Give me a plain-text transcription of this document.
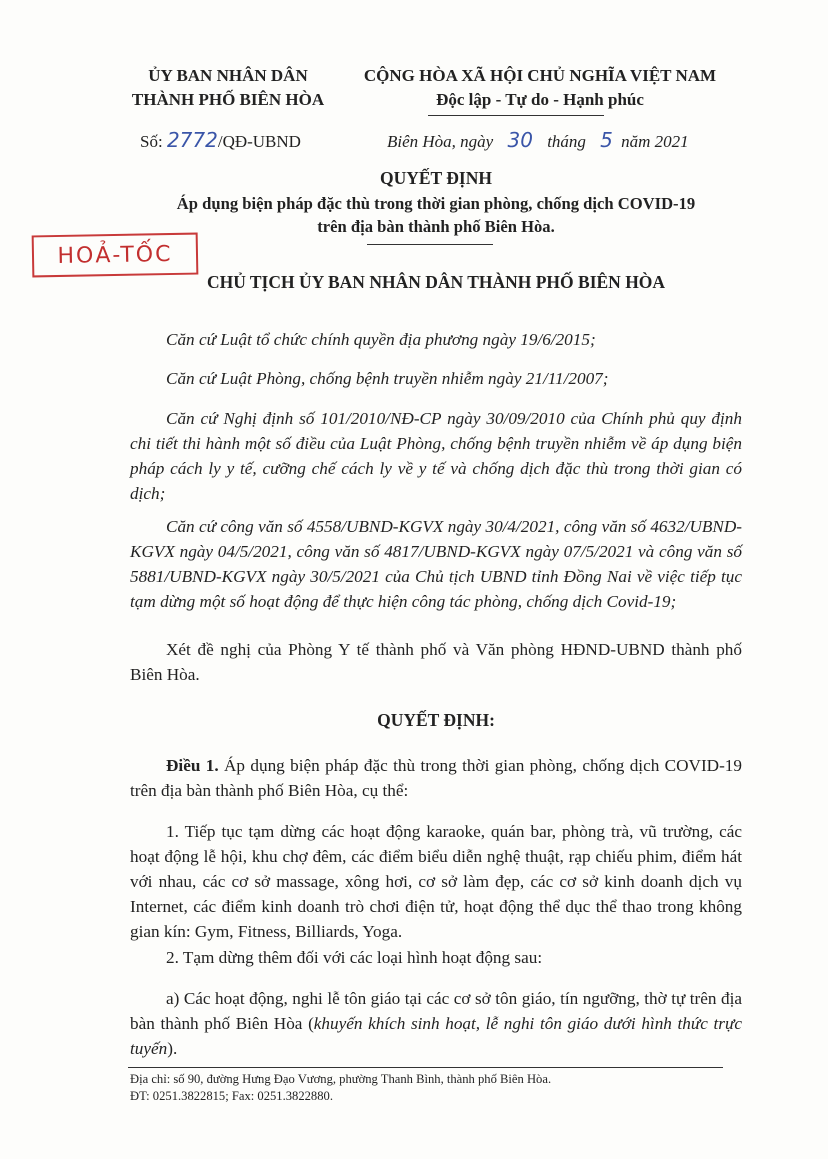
ỦY BAN NHÂN DÂN
THÀNH PHỐ BIÊN HÒA
CỘNG HÒA XÃ HỘI CHỦ NGHĨA VIỆT NAM
Độc lập - Tự do - Hạnh phúc
Số: 2772/QĐ-UBND	Biên Hòa, ngày 30 tháng 5 năm 2021
QUYẾT ĐỊNH
Áp dụng biện pháp đặc thù trong thời gian phòng, chống dịch COVID-19
trên địa bàn thành phố Biên Hòa.
HOẢ-TỐC
CHỦ TỊCH ỦY BAN NHÂN DÂN THÀNH PHỐ BIÊN HÒA
Căn cứ Luật tổ chức chính quyền địa phương ngày 19/6/2015;
Căn cứ Luật Phòng, chống bệnh truyền nhiễm ngày 21/11/2007;
Căn cứ Nghị định số 101/2010/NĐ-CP ngày 30/09/2010 của Chính phủ quy định chi tiết thi hành một số điều của Luật Phòng, chống bệnh truyền nhiễm về áp dụng biện pháp cách ly y tế, cưỡng chế cách ly về y tế và chống dịch đặc thù trong thời gian có dịch;
Căn cứ công văn số 4558/UBND-KGVX ngày 30/4/2021, công văn số 4632/UBND-KGVX ngày 04/5/2021, công văn số 4817/UBND-KGVX ngày 07/5/2021 và công văn số 5881/UBND-KGVX ngày 30/5/2021 của Chủ tịch UBND tỉnh Đồng Nai về việc tiếp tục tạm dừng một số hoạt động để thực hiện công tác phòng, chống dịch Covid-19;
Xét đề nghị của Phòng Y tế thành phố và Văn phòng HĐND-UBND thành phố Biên Hòa.
QUYẾT ĐỊNH:
Điều 1. Áp dụng biện pháp đặc thù trong thời gian phòng, chống dịch COVID-19 trên địa bàn thành phố Biên Hòa, cụ thể:
1. Tiếp tục tạm dừng các hoạt động karaoke, quán bar, phòng trà, vũ trường, các hoạt động lễ hội, khu chợ đêm, các điểm biểu diễn nghệ thuật, rạp chiếu phim, điểm hát với nhau, các cơ sở massage, xông hơi, cơ sở làm đẹp, các cơ sở kinh doanh dịch vụ Internet, các điểm kinh doanh trò chơi điện tử, hoạt động thể dục thể thao trong không gian kín: Gym, Fitness, Billiards, Yoga.
2. Tạm dừng thêm đối với các loại hình hoạt động sau:
a) Các hoạt động, nghi lễ tôn giáo tại các cơ sở tôn giáo, tín ngưỡng, thờ tự trên địa bàn thành phố Biên Hòa (khuyến khích sinh hoạt, lễ nghi tôn giáo dưới hình thức trực tuyến).
Địa chỉ: số 90, đường Hưng Đạo Vương, phường Thanh Bình, thành phố Biên Hòa.
ĐT: 0251.3822815; Fax: 0251.3822880.
